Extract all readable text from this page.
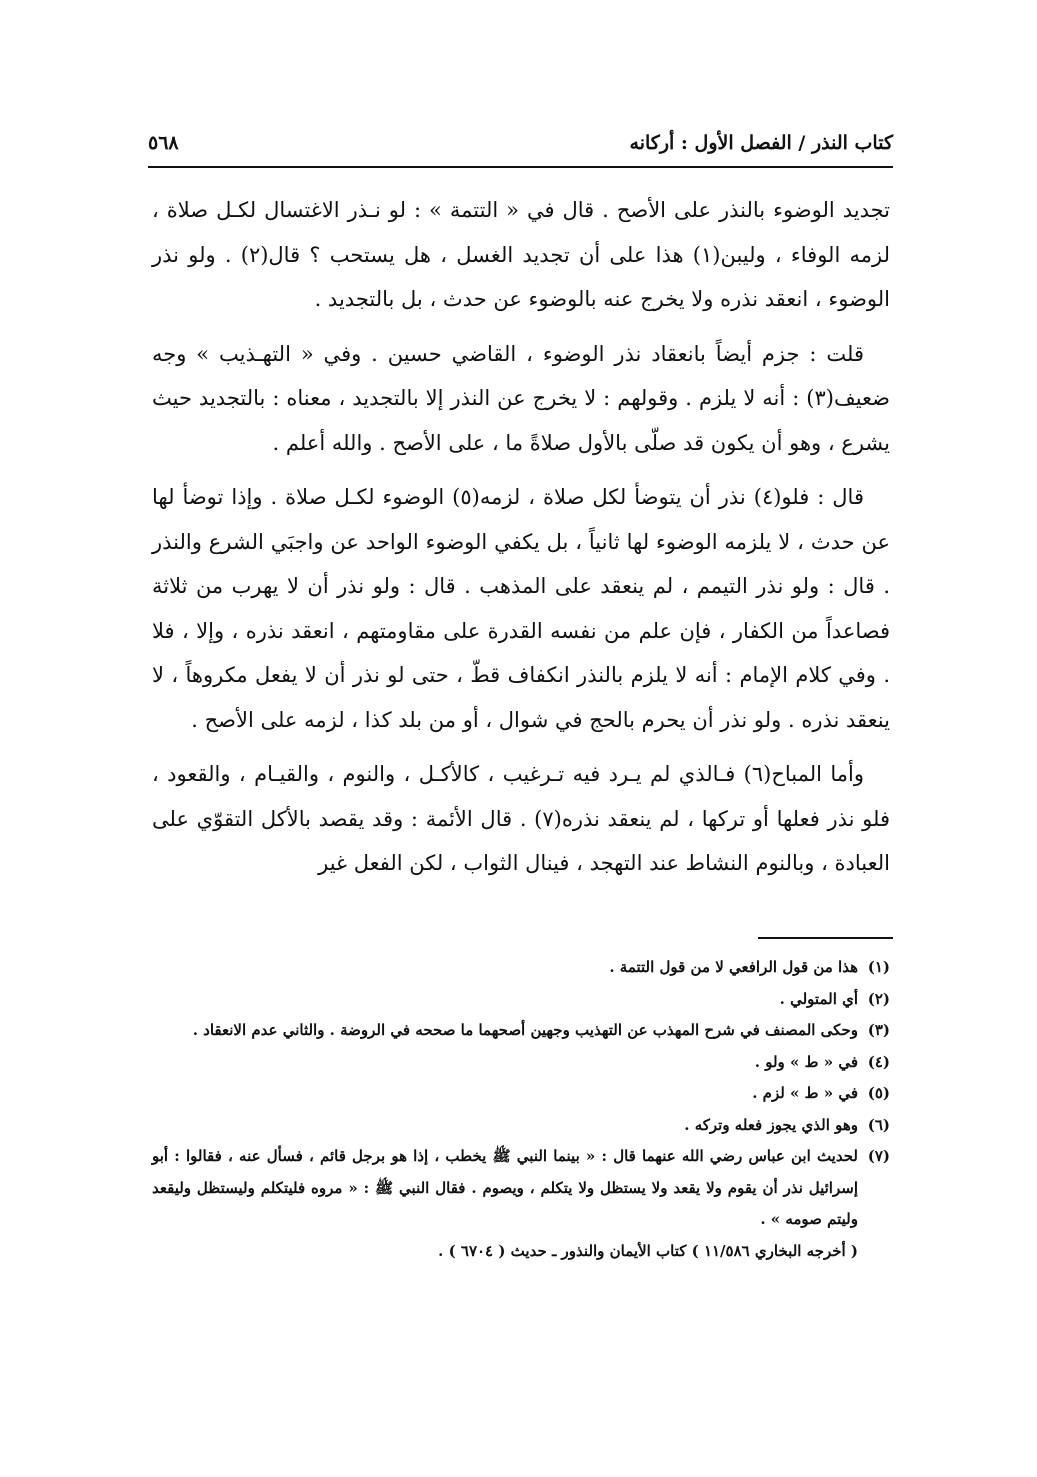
كتاب النذر / الفصل الأول : أركانه
٥٦٨

تجديد الوضوء بالنذر على الأصح . قال في « التتمة » : لو نـذر الاغتسال لكـل صلاة ، لزمه الوفاء ، وليبن(١) هذا على أن تجديد الغسل ، هل يستحب ؟ قال(٢) . ولو نذر الوضوء ، انعقد نذره ولا يخرج عنه بالوضوء عن حدث ، بل بالتجديد .

قلت : جزم أيضاً بانعقاد نذر الوضوء ، القاضي حسين . وفي « التهـذيب » وجه ضعيف(٣) : أنه لا يلزم . وقولهم : لا يخرج عن النذر إلا بالتجديد ، معناه : بالتجديد حيث يشرع ، وهو أن يكون قد صلّى بالأول صلاةً ما ، على الأصح . والله أعلم .

قال : فلو(٤) نذر أن يتوضأ لكل صلاة ، لزمه(٥) الوضوء لكـل صلاة . وإذا توضأ لها عن حدث ، لا يلزمه الوضوء لها ثانياً ، بل يكفي الوضوء الواحد عن واجبَي الشرع والنذر . قال : ولو نذر التيمم ، لم ينعقد على المذهب . قال : ولو نذر أن لا يهرب من ثلاثة فصاعداً من الكفار ، فإن علم من نفسه القدرة على مقاومتهم ، انعقد نذره ، وإلا ، فلا . وفي كلام الإمام : أنه لا يلزم بالنذر انكفاف قطّ ، حتى لو نذر أن لا يفعل مكروهاً ، لا ينعقد نذره . ولو نذر أن يحرم بالحج في شوال ، أو من بلد كذا ، لزمه على الأصح .

وأما المباح(٦) فـالذي لم يـرد فيه تـرغيب ، كالأكـل ، والنوم ، والقيـام ، والقعود ، فلو نذر فعلها أو تركها ، لم ينعقد نذره(٧) . قال الأئمة : وقد يقصد بالأكل التقوّي على العبادة ، وبالنوم النشاط عند التهجد ، فينال الثواب ، لكن الفعل غير

(١)
هذا من قول الرافعي لا من قول التتمة .
(٢)
أي المتولي .
(٣)
وحكى المصنف في شرح المهذب عن التهذيب وجهين أصحهما ما صححه في الروضة . والثاني عدم الانعقاد .
(٤)
في « ط » ولو .
(٥)
في « ط » لزم .
(٦)
وهو الذي يجوز فعله وتركه .
(٧)
لحديث ابن عباس رضي الله عنهما قال : « بينما النبي ﷺ يخطب ، إذا هو برجل قائم ، فسأل عنه ، فقالوا : أبو إسرائيل نذر أن يقوم ولا يقعد ولا يستظل ولا يتكلم ، ويصوم . فقال النبي ﷺ : « مروه فليتكلم وليستظل وليقعد وليتم صومه » .
( أخرجه البخاري ١١/٥٨٦ ) كتاب الأيمان والنذور ـ حديث ( ٦٧٠٤ ) .
